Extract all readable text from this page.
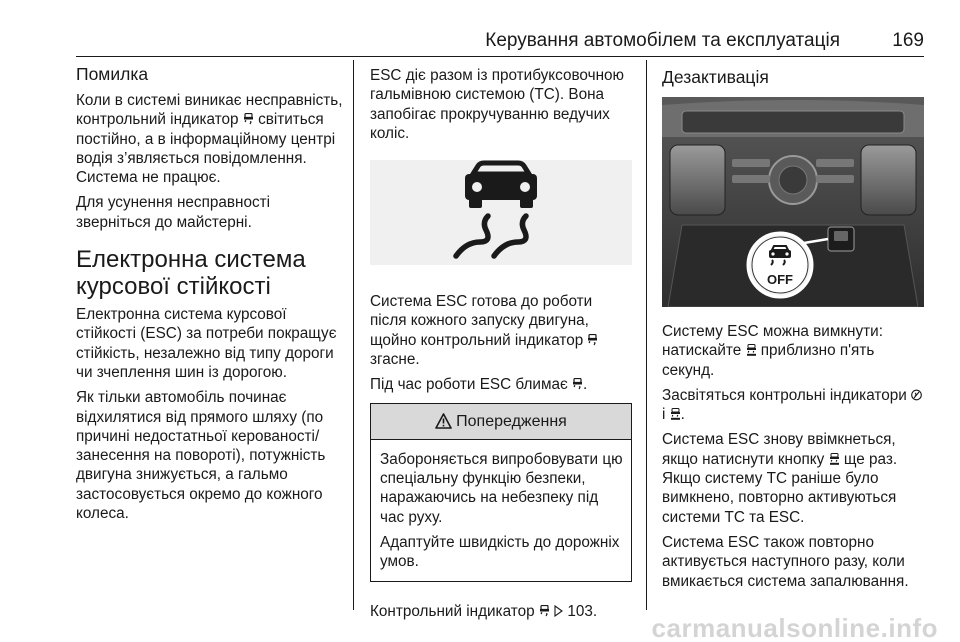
Керування автомобілем та експлуатація	169
Помилка

Коли в системі виникає несправність, контрольний індикатор світиться постійно, а в інформаційному центрі водія з’являється повідомлення. Система не працює.

Для усунення несправності зверніться до майстерні.

Електронна система курсової стійкості

Електронна система курсової стійкості (ESC) за потреби покращує стійкість, незалежно від типу дороги чи зчеплення шин із дорогою.

Як тільки автомобіль починає відхилятися від прямого шляху (по причині недостатньої керованості/занесення на повороті), потужність двигуна знижується, а гальмо застосовується окремо до кожного колеса.

ESC діє разом із протибуксовочною гальмівною системою (TC). Вона запобігає прокручуванню ведучих коліс.

Система ESC готова до роботи після кожного запуску двигуна, щойно контрольний індикатор  згасне.

Під час роботи ESC блимає .

Попередження

Забороняється випробовувати цю спеціальну функцію безпеки, наражаючись на небезпеку під час руху.

Адаптуйте швидкість до дорожніх умов.

Контрольний індикатор 103.

Дезактивація
OFF

Систему ESC можна вимкнути: натискайте приблизно п'ять секунд.

Засвітяться контрольні індикатори  і .

Система ESC знову ввімкнеться, якщо натиснути кнопку ще раз. Якщо систему TC раніше було вимкнено, повторно активуються системи TC та ESC.

Система ESC також повторно активується наступного разу, коли вмикається система запалювання.

carmanualsonline.info
